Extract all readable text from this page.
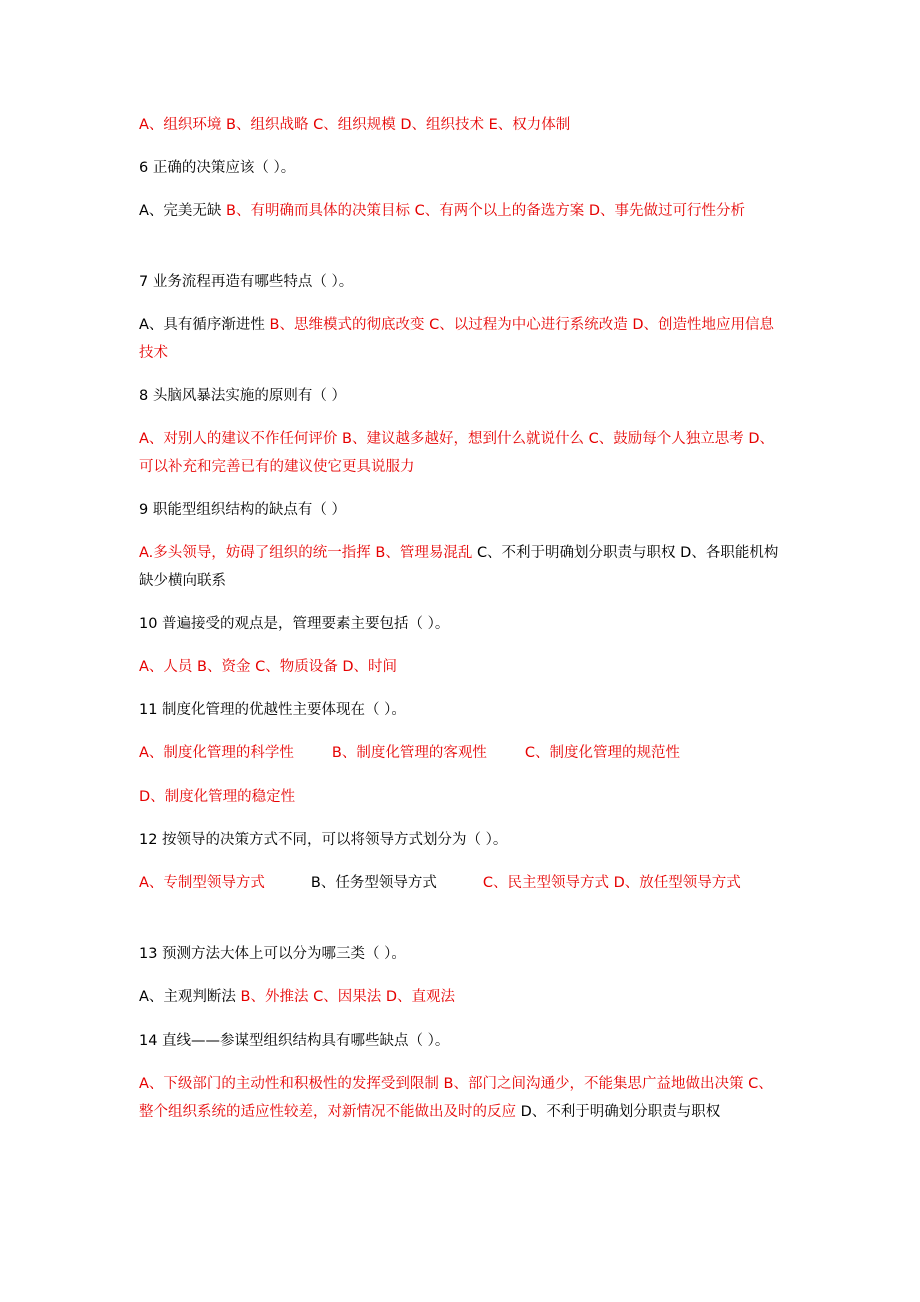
A、组织环境 B、组织战略 C、组织规模 D、组织技术 E、权力体制
6 正确的决策应该（ ）。
A、完美无缺 B、有明确而具体的决策目标 C、有两个以上的备选方案 D、事先做过可行性分析
7 业务流程再造有哪些特点（ ）。
A、具有循序渐进性 B、思维模式的彻底改变 C、以过程为中心进行系统改造 D、创造性地应用信息技术
8 头脑风暴法实施的原则有（ ）
A、对别人的建议不作任何评价 B、建议越多越好，想到什么就说什么 C、鼓励每个人独立思考 D、可以补充和完善已有的建议使它更具说服力
9 职能型组织结构的缺点有（ ）
A.多头领导，妨碍了组织的统一指挥 B、管理易混乱 C、不利于明确划分职责与职权 D、各职能机构缺少横向联系
10 普遍接受的观点是，管理要素主要包括（ ）。
A、人员 B、资金 C、物质设备 D、时间
11 制度化管理的优越性主要体现在（ ）。
A、制度化管理的科学性	B、制度化管理的客观性	C、制度化管理的规范性
D、制度化管理的稳定性
12 按领导的决策方式不同，可以将领导方式划分为（ ）。
A、专制型领导方式	B、任务型领导方式	C、民主型领导方式 D、放任型领导方式
13 预测方法大体上可以分为哪三类（ ）。
A、主观判断法 B、外推法 C、因果法 D、直观法
14 直线——参谋型组织结构具有哪些缺点（ ）。
A、下级部门的主动性和积极性的发挥受到限制 B、部门之间沟通少，不能集思广益地做出决策 C、整个组织系统的适应性较差，对新情况不能做出及时的反应 D、不利于明确划分职责与职权
